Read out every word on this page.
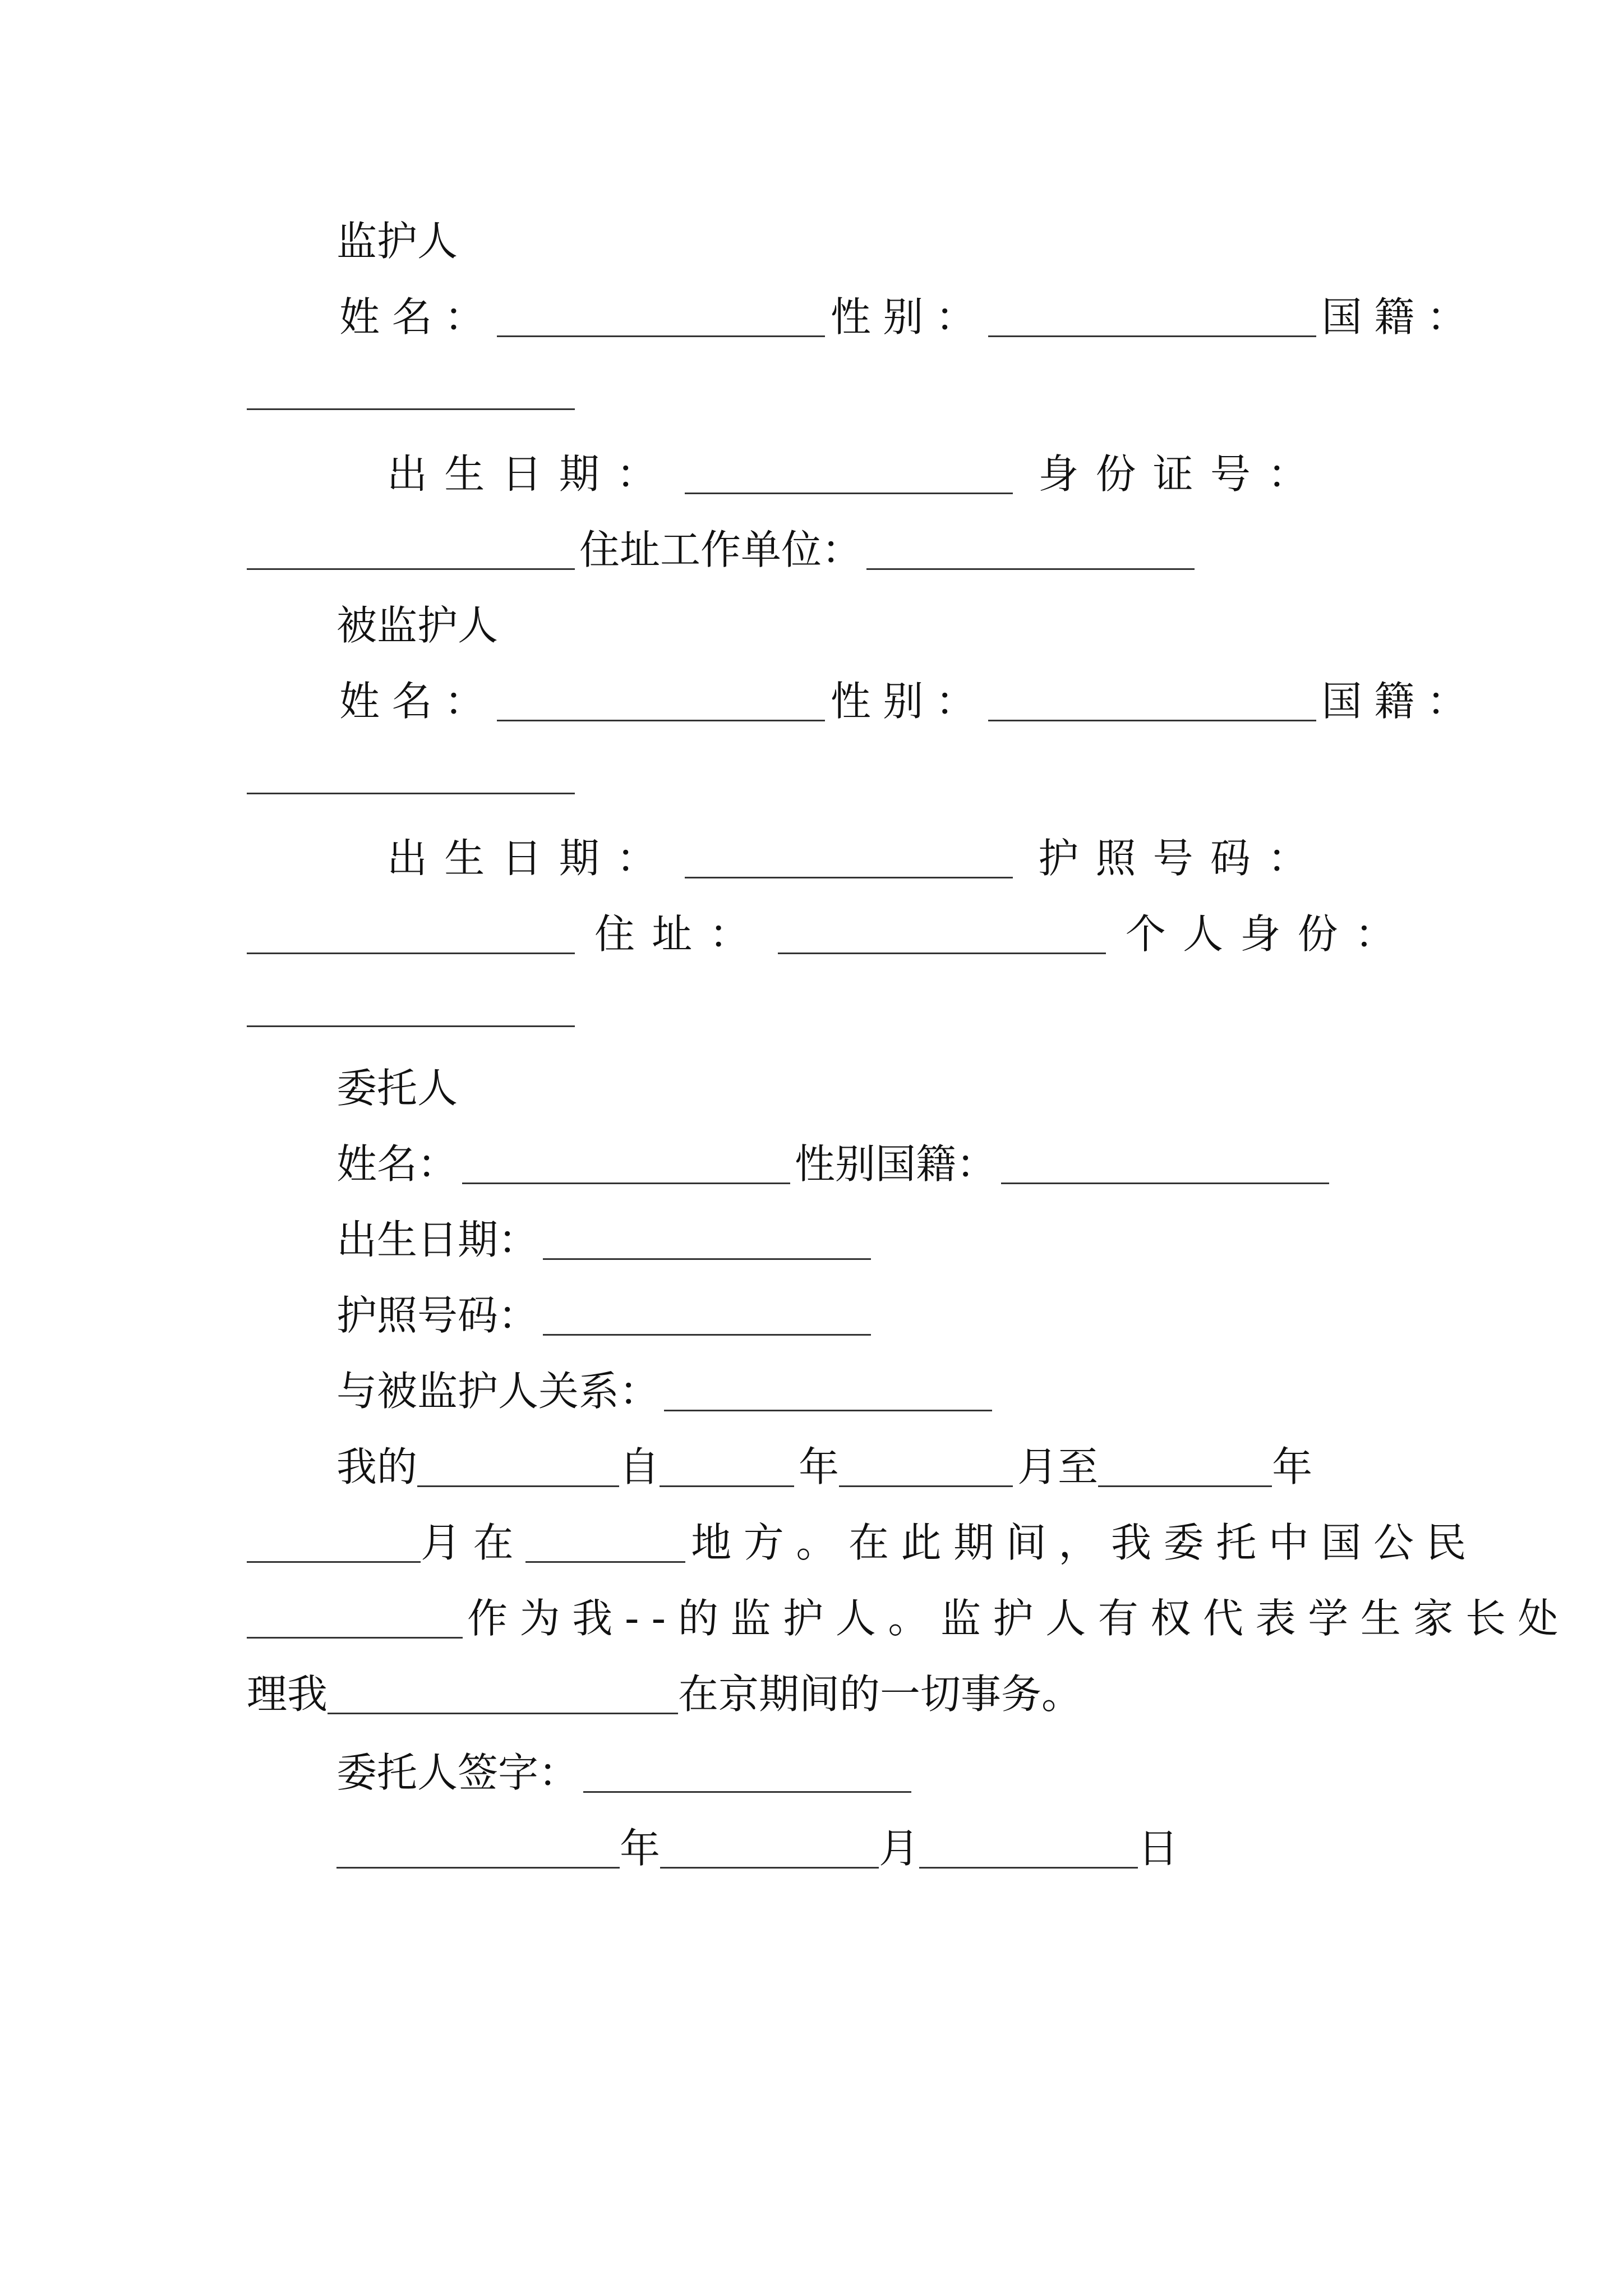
监护人
姓名：	性别：	国籍：
出生日期：	身份证号：
住址工作单位：
被监护人
姓名：	性别：	国籍：
出生日期：	护照号码：
住址：	个人身份：
委托人
姓名：	性别国籍：
出生日期：
护照号码：
与被监护人关系：
我的	自	年	月至	年
月在	地方。在此期间，我委托中国公民
作为我--的监护人。监护人有权代表学生家长处
理我	在京期间的一切事务。
委托人签字：
年	月	日
